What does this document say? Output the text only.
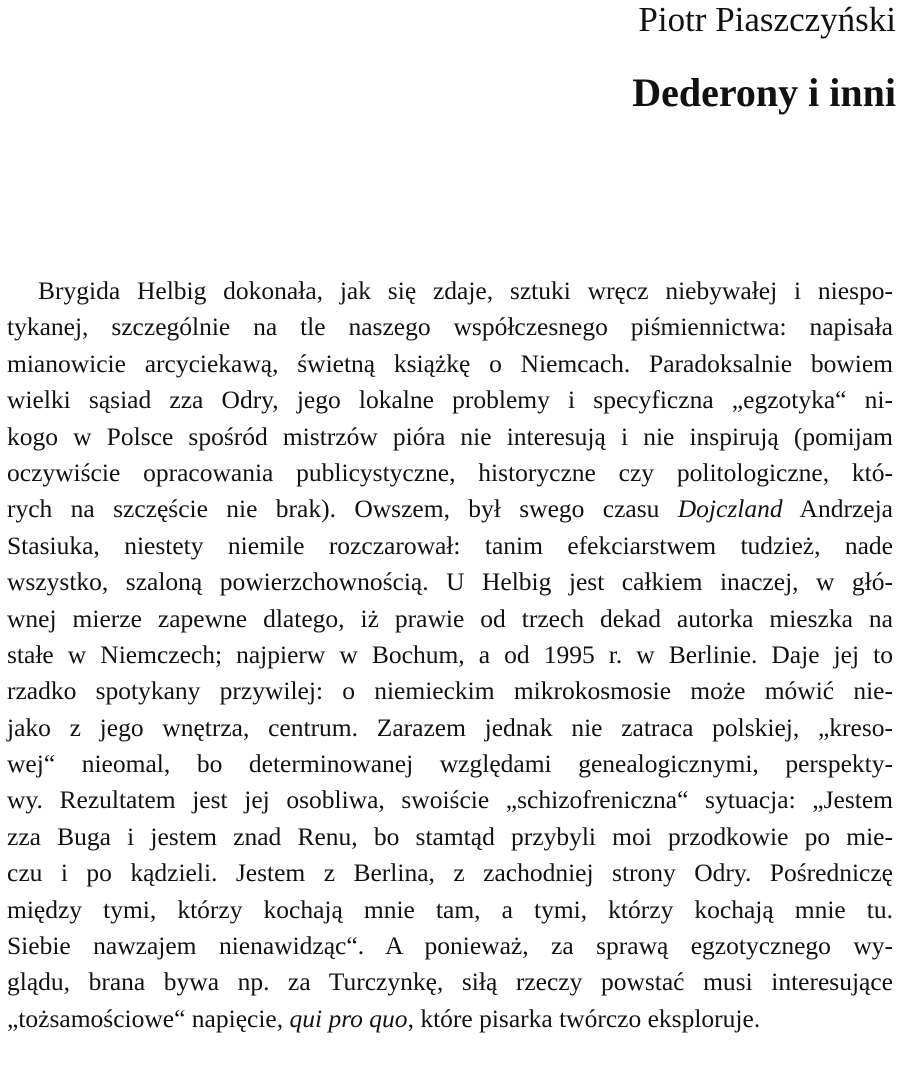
Piotr Piaszczyński
Dederony i inni
Brygida Helbig dokonała, jak się zdaje, sztuki wręcz niebywałej i niespo-
tykanej, szczególnie na tle naszego współczesnego piśmiennictwa: napisała
mianowicie arcyciekawą, świetną książkę o Niemcach. Paradoksalnie bowiem
wielki sąsiad zza Odry, jego lokalne problemy i specyficzna „egzotyka“ ni-
kogo w Polsce spośród mistrzów pióra nie interesują i nie inspirują (pomijam
oczywiście opracowania publicystyczne, historyczne czy politologiczne, któ-
rych na szczęście nie brak). Owszem, był swego czasu Dojczland Andrzeja
Stasiuka, niestety niemile rozczarował: tanim efekciarstwem tudzież, nade
wszystko, szaloną powierzchownością. U Helbig jest całkiem inaczej, w głó-
wnej mierze zapewne dlatego, iż prawie od trzech dekad autorka mieszka na
stałe w Niemczech; najpierw w Bochum, a od 1995 r. w Berlinie. Daje jej to
rzadko spotykany przywilej: o niemieckim mikrokosmosie może mówić nie-
jako z jego wnętrza, centrum. Zarazem jednak nie zatraca polskiej, „kreso-
wej“ nieomal, bo determinowanej względami genealogicznymi, perspekty-
wy. Rezultatem jest jej osobliwa, swoiście „schizofreniczna“ sytuacja: „Jestem
zza Buga i jestem znad Renu, bo stamtąd przybyli moi przodkowie po mie-
czu i po kądzieli. Jestem z Berlina, z zachodniej strony Odry. Pośredniczę
między tymi, którzy kochają mnie tam, a tymi, którzy kochają mnie tu.
Siebie nawzajem nienawidząc“. A ponieważ, za sprawą egzotycznego wy-
glądu, brana bywa np. za Turczynkę, siłą rzeczy powstać musi interesujące
„tożsamościowe“ napięcie, qui pro quo, które pisarka twórczo eksploruje.
